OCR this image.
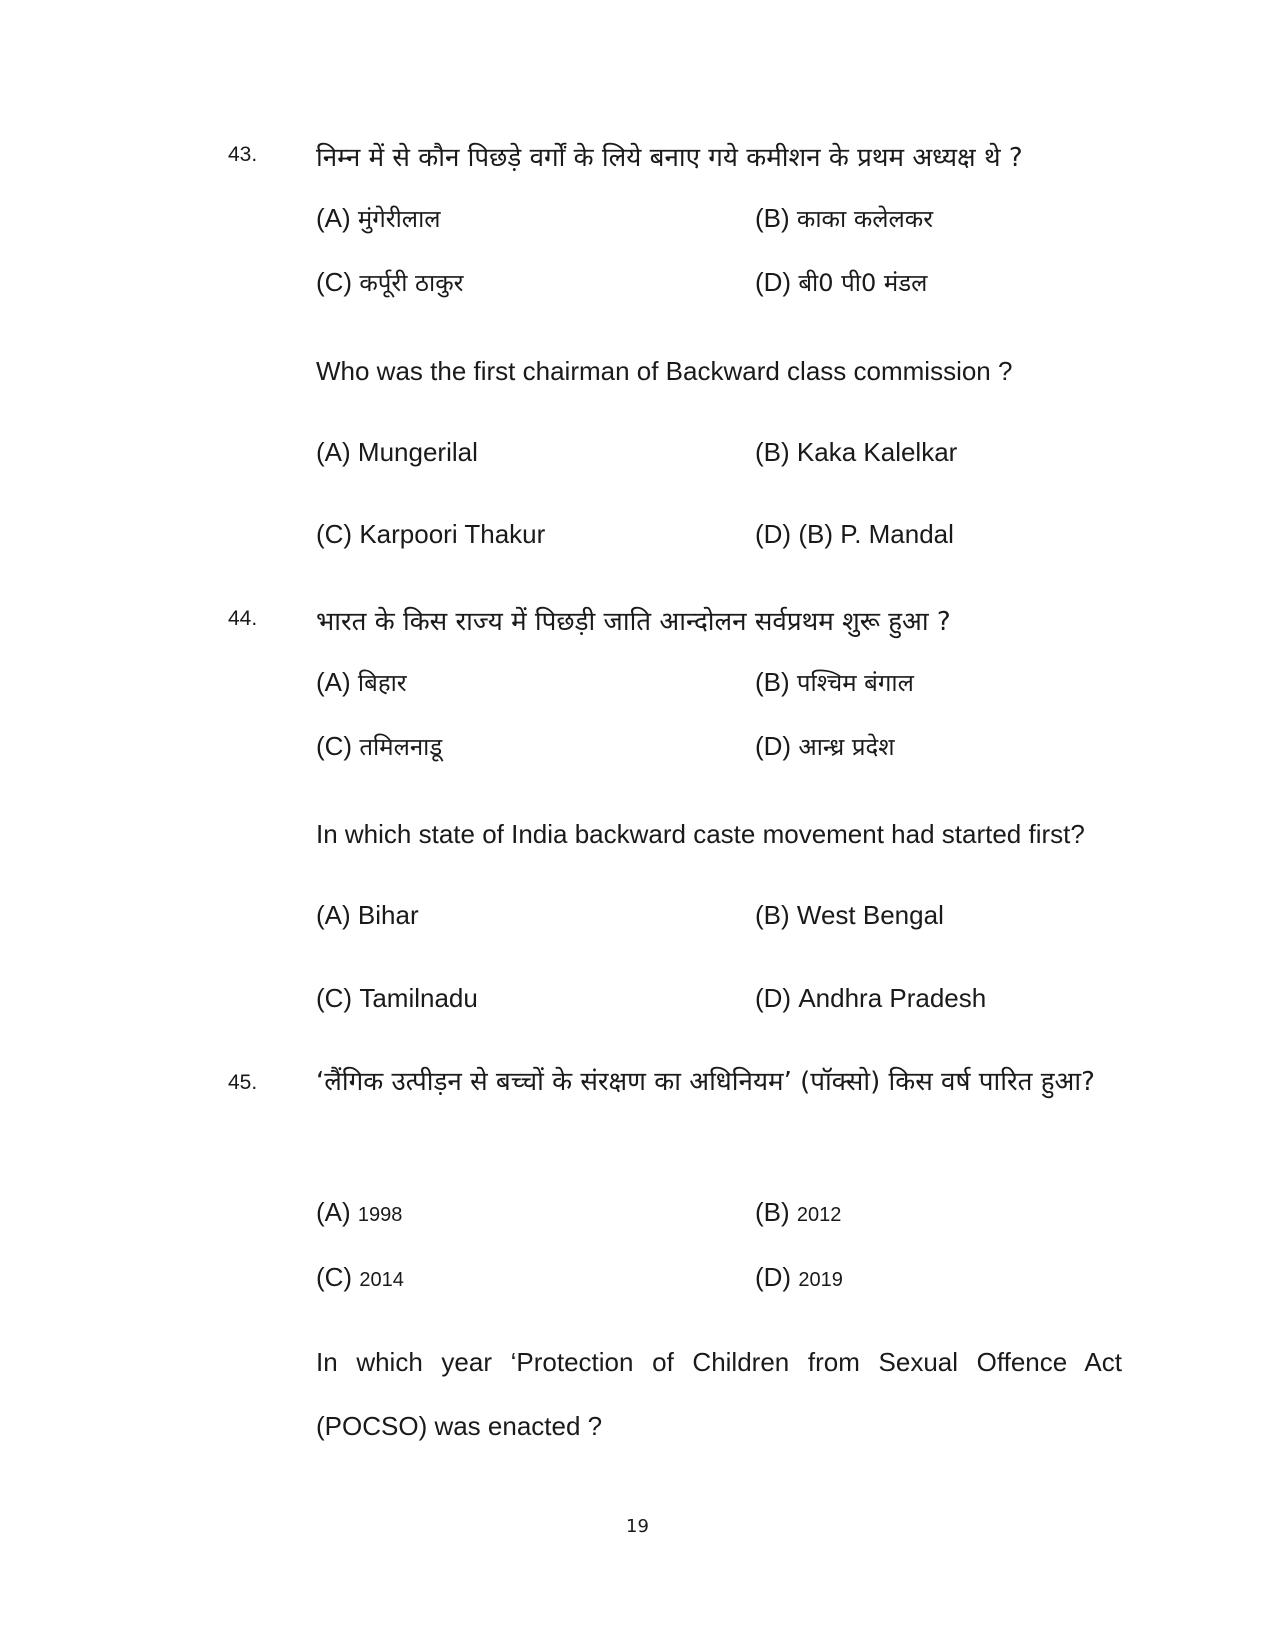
43. निम्न में से कौन पिछड़े वर्गों के लिये बनाए गये कमीशन के प्रथम अध्यक्ष थे ?
(A) मुंगेरीलाल	(B) काका कलेलकर
(C) कर्पूरी ठाकुर	(D) बी0 पी0 मंडल
Who was the first chairman of Backward class commission ?
(A) Mungerilal	(B) Kaka Kalelkar
(C) Karpoori Thakur	(D) (B) P. Mandal
44. भारत के किस राज्य में पिछड़ी जाति आन्दोलन सर्वप्रथम शुरू हुआ ?
(A) बिहार	(B) पश्चिम बंगाल
(C) तमिलनाडू	(D) आन्ध्र प्रदेश
In which state of India backward caste movement had started first?
(A) Bihar	(B) West Bengal
(C) Tamilnadu	(D) Andhra Pradesh
45. ‘लैंगिक उत्पीड़न से बच्चों के संरक्षण का अधिनियम’ (पॉक्सो) किस वर्ष पारित हुआ?
(A) 1998	(B) 2012
(C) 2014	(D) 2019
In which year ‘Protection of Children from Sexual Offence Act (POCSO) was enacted ?
19
